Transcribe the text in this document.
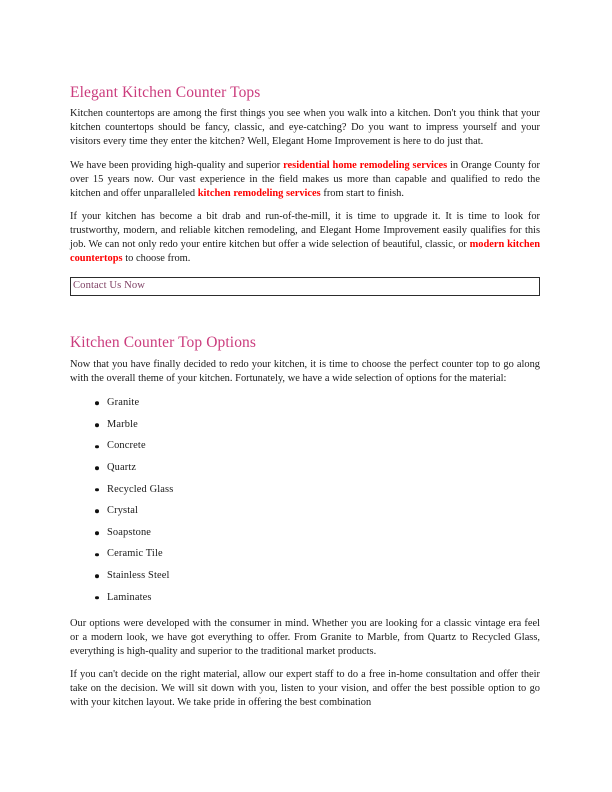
Elegant Kitchen Counter Tops

Kitchen countertops are among the first things you see when you walk into a kitchen. Don't you think that your kitchen countertops should be fancy, classic, and eye-catching? Do you want to impress yourself and your visitors every time they enter the kitchen? Well, Elegant Home Improvement is here to do just that.

We have been providing high-quality and superior residential home remodeling services in Orange County for over 15 years now. Our vast experience in the field makes us more than capable and qualified to redo the kitchen and offer unparalleled kitchen remodeling services from start to finish.

If your kitchen has become a bit drab and run-of-the-mill, it is time to upgrade it. It is time to look for trustworthy, modern, and reliable kitchen remodeling, and Elegant Home Improvement easily qualifies for this job. We can not only redo your entire kitchen but offer a wide selection of beautiful, classic, or modern kitchen countertops to choose from.

Contact Us Now
Kitchen Counter Top Options

Now that you have finally decided to redo your kitchen, it is time to choose the perfect counter top to go along with the overall theme of your kitchen. Fortunately, we have a wide selection of options for the material:

Granite
Marble
Concrete
Quartz
Recycled Glass
Crystal
Soapstone
Ceramic Tile
Stainless Steel
Laminates

Our options were developed with the consumer in mind. Whether you are looking for a classic vintage era feel or a modern look, we have got everything to offer. From Granite to Marble, from Quartz to Recycled Glass, everything is high-quality and superior to the traditional market products.

If you can't decide on the right material, allow our expert staff to do a free in-home consultation and offer their take on the decision. We will sit down with you, listen to your vision, and offer the best possible option to go with your kitchen layout. We take pride in offering the best combination
